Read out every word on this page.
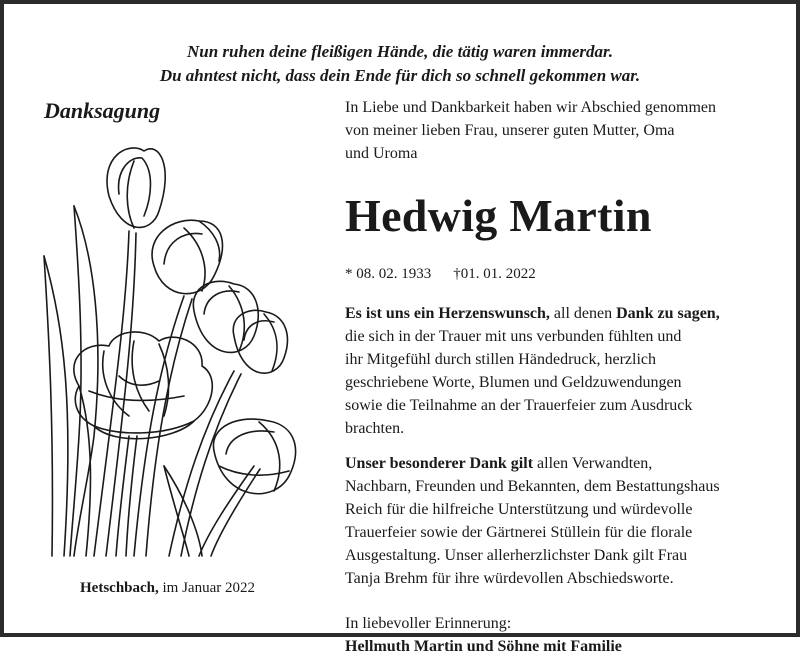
Nun ruhen deine fleißigen Hände, die tätig waren immerdar.
Du ahntest nicht, dass dein Ende für dich so schnell gekommen war.
Danksagung
Hetschbach, im Januar 2022

In Liebe und Dankbarkeit haben wir Abschied genommen
von meiner lieben Frau, unserer guten Mutter, Oma
und Uroma

Hedwig Martin

* 08. 02. 1933 †01. 01. 2022

Es ist uns ein Herzenswunsch, all denen Dank zu sagen,
die sich in der Trauer mit uns verbunden fühlten und
ihr Mitgefühl durch stillen Händedruck, herzlich
geschriebene Worte, Blumen und Geldzuwendungen
sowie die Teilnahme an der Trauerfeier zum Ausdruck
brachten.

Unser besonderer Dank gilt allen Verwandten,
Nachbarn, Freunden und Bekannten, dem Bestattungshaus
Reich für die hilfreiche Unterstützung und würdevolle
Trauerfeier sowie der Gärtnerei Stüllein für die florale
Ausgestaltung. Unser allerherzlichster Dank gilt Frau
Tanja Brehm für ihre würdevollen Abschiedsworte.

In liebevoller Erinnerung:
Hellmuth Martin und Söhne mit Familie
